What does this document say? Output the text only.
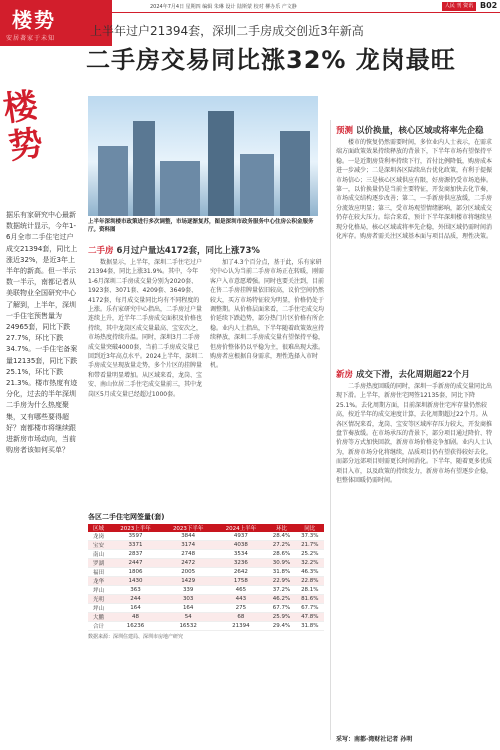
楼势
安居著家于未知
2024年7月4日 星期四 编辑 朱琳 设计 陆斯蒙 校对 柳办乐 产文静	人民 刊 资讯 B02
上半年过户21394套，深圳二手房成交创近3年新高
二手房交易同比涨32% 龙岗最旺
楼势
据乐有家研究中心最新数据统计显示，今年1-6月全市二手住宅过户成交21394套，同比上涨近32%，是近3年上半年的新高。但一半示数一半示，南都记者从美联物业全国研究中心了解到，上半年，深圳一手住宅预售量为24965套，同比下跌27.7%，环比下跌34.7%。一手住宅备案量12135套，同比下跌25.1%，环比下跌21.3%。楼市热度有迹分化，过去的半年深圳二手房为什么热度聚集，又有哪些要得超好？南都楼市将继续跟进新房市场动向，当前购房者该如何买单？
上半年深圳楼市政策进行多次调整，市场逐渐复苏，图是深圳市政务服务中心住房公积金服务厅。资料图
二手房 6月过户量达4172套，同比上涨73%
数据显示，上半年，深圳二手住宅过户21394套，同比上涨31.9%。其中，今年1-6月深圳二手房成交量分别为2020套、1923套、3071套、4209套、3649套、4172套，每月成交量同比均有不同程度的上涨。乐有家研究中心指出，二手房过户量连续上升，近半年二手房成交面积及价格也持续，其中龙岗区成交量最高、宝安次之，市场热度持续升温。同时，深圳3月二手房成交量突破4000套，当前二手房成交量已回到近3年高点水平。2024上半年，深圳二手房成交呈现放量走势，多个片区的挂牌量和带看量明显增加。从区域来看，龙岗、宝安、南山位居二手住宅成交量前三，其中龙岗区5月成交量已经超过1000套。
加了4.3个百分点，基于此，乐有家研究中心认为当前二手房市场正在转暖，刚需客户入市意愿增强。同时也要关注到，目前在售二手房挂牌量依旧较高，议价空间仍然较大，买方市场特征较为明显，价格仍处于调整期。从价格层面来看，二手住宅成交均价延续下跌趋势，部分热门片区价格有所企稳。业内人士指出，下半年随着政策效应持续释放，深圳二手房成交量有望保持平稳，但房价整体仍以平稳为主，很难出现大涨。购房者应根据自身需求，理性选择入市时机。
预测 以价换量，核心区域或将率先企稳
楼市的恢复仍然需要时间，多位业内人士表示，在需求端方面政策效果持续释放的背景下，下半年市场有望保持平稳。一是近期房贷利率持续下行，首付比例降低，购房成本进一步减少；二是深圳各区陆续出台优化政策，有利于提振市场信心；三是核心区域供应有限，好房源仍受市场追捧。第一，以价换量仍是当前主要特征，开发商加快去化节奏，市场成交结构逐步改善；第二，一手新房供应放缓，二手房分流效应明显；第三，受市场观望情绪影响，部分区域成交仍存在较大压力。综合来看，预计下半年深圳楼市将继续呈现分化格局，核心区域或将率先企稳，外围区域仍需时间消化库存。购房者需关注区域基本面与项目品质，理性决策。
新房 成交下滑，去化周期超22个月
二手房热度回暖的同时，深圳一手新房的成交量同比出现下滑。上半年，新房住宅网签12135套，同比下降25.1%。去化周期方面，目前深圳新房住宅库存量仍然较高，按近半年的成交速度计算，去化周期超过22个月。从各区情况来看，龙岗、宝安等区域库存压力较大，开发商推盘节奏放缓。在市场承压的背景下，部分项目通过降价、特价房等方式加快回款，新房市场价格竞争加剧。业内人士认为，新房市场分化将继续，品质项目仍有望获得较好去化，而部分远郊项目则需更长时间消化。下半年，随着更多优质项目入市，以及政策的持续发力，新房市场有望逐步企稳，但整体回暖仍需时间。
各区二手住宅网签量(套)
区域	2023上半年	2023下半年	2024上半年	环比	同比
龙岗	3597	3844	4937	28.4%	37.3%
宝安	3371	3174	4038	27.2%	21.7%
南山	2837	2748	3534	28.6%	25.2%
罗湖	2447	2472	3236	30.9%	32.2%
福田	1806	2005	2642	31.8%	46.3%
龙华	1430	1429	1758	22.9%	22.8%
坪山	363	339	465	37.2%	28.1%
光明	244	303	443	46.2%	81.6%
坪山	164	164	275	67.7%	67.7%
大鹏	48	54	68	25.9%	47.8%
合计	16236	16532	21394	29.4%	31.8%
数据来源：深圳住建局、深圳市房地产研究
采写：南都·湾财社记者 孙明
